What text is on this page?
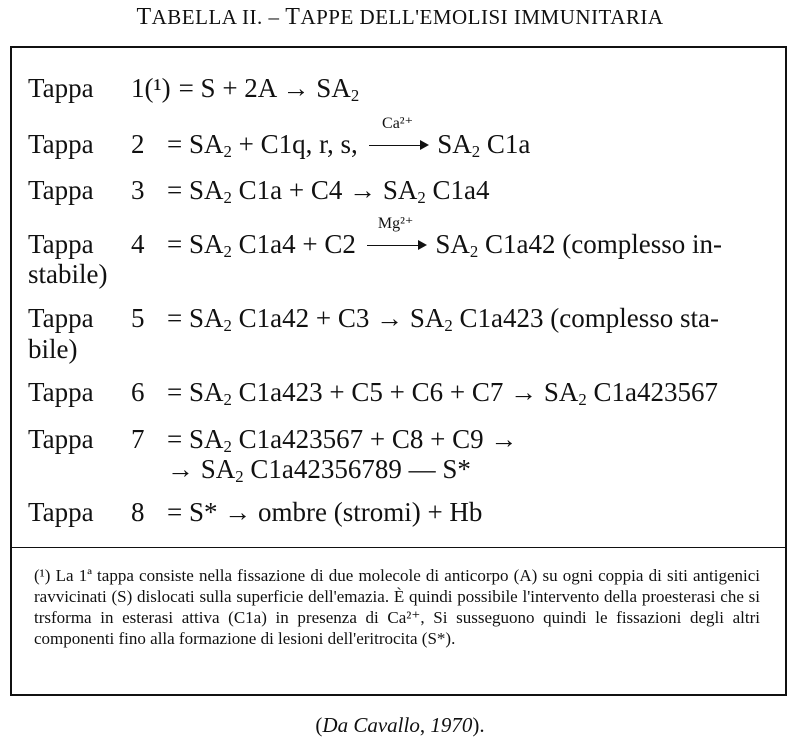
TABELLA II. – TAPPE DELL'EMOLISI IMMUNITARIA
Tappa $1(^1) = S + 2A \to SA_2$
Tappa $2 = SA_2 + C1q$, r, s,
Ca²⁺
$SA_2$ C1a
Tappa $3 = SA_2$ $C1a + C4 \to SA_2$ C1a4
Tappa $4 = SA_2$ C1a4 + C2
Mg²⁺
$SA_2$ C1a42 (complesso in-
stabile)
Tappa $5 = SA_2$ $C1a42 + C3 \to SA_2$ C1a423 (complesso sta-
bile)
Tappa $6 = SA_2$ $C1a423 + C5 + C6 + C7 \to SA_2$ C1a423567
Tappa $7 = SA_2$ C1a423567 + C8 + C9 →
→ $SA_2$ C1a42356789 — S*
Tappa 8 = S* → ombre (stromi) + Hb
(¹) La 1ª tappa consiste nella fissazione di due molecole di anticorpo (A) su ogni coppia di siti antigenici ravvicinati (S) dislocati sulla superficie dell'emazia. È quindi possibile l'intervento della proesterasi che si trsforma in esterasi attiva (C1a) in presenza di Ca²⁺, Si susseguono quindi le fissazioni degli altri componenti fino alla formazione di lesioni dell'eritrocita (S*).
(Da Cavallo, 1970).
